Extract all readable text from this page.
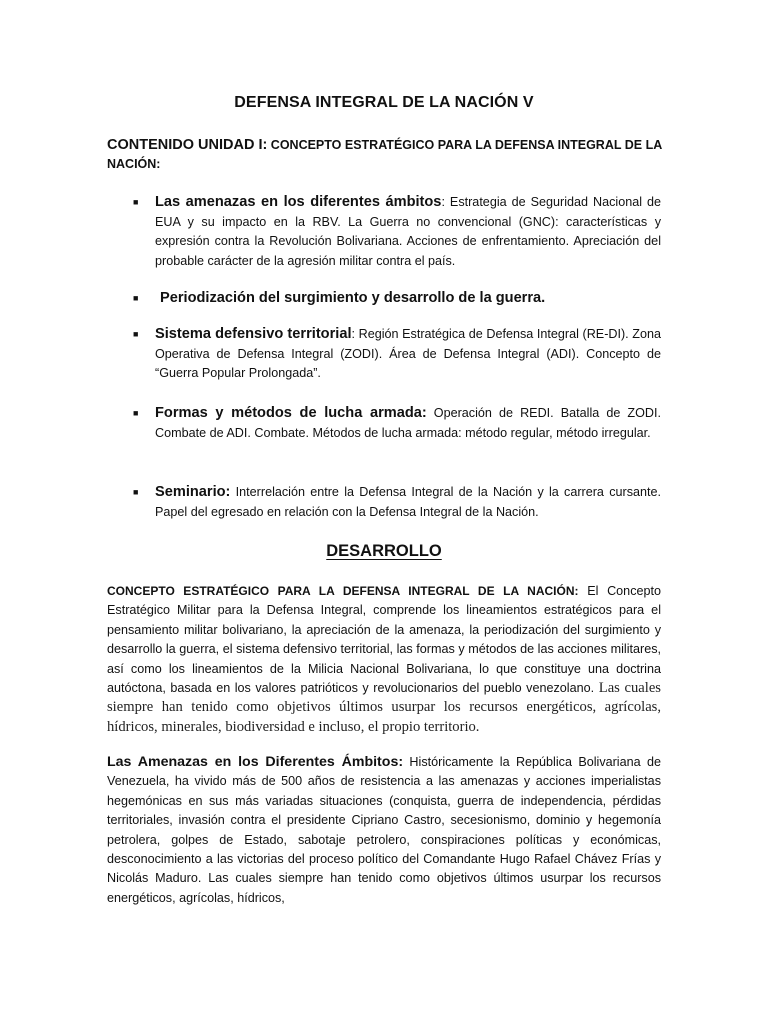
DEFENSA INTEGRAL DE LA NACIÓN V
CONTENIDO UNIDAD I: CONCEPTO ESTRATÉGICO PARA LA DEFENSA INTEGRAL DE LA NACIÓN:
■ Las amenazas en los diferentes ámbitos: Estrategia de Seguridad Nacional de EUA y su impacto en la RBV. La Guerra no convencional (GNC): características y expresión contra la Revolución Bolivariana. Acciones de enfrentamiento. Apreciación del probable carácter de la agresión militar contra el país.
■ Periodización del surgimiento y desarrollo de la guerra.
■ Sistema defensivo territorial: Región Estratégica de Defensa Integral (RE-DI). Zona Operativa de Defensa Integral (ZODI). Área de Defensa Integral (ADI). Concepto de “Guerra Popular Prolongada”.
■ Formas y métodos de lucha armada: Operación de REDI. Batalla de ZODI. Combate de ADI. Combate. Métodos de lucha armada: método regular, método irregular.
■ Seminario: Interrelación entre la Defensa Integral de la Nación y la carrera cursante. Papel del egresado en relación con la Defensa Integral de la Nación.
DESARROLLO
CONCEPTO ESTRATÉGICO PARA LA DEFENSA INTEGRAL DE LA NACIÓN: El Concepto Estratégico Militar para la Defensa Integral, comprende los lineamientos estratégicos para el pensamiento militar bolivariano, la apreciación de la amenaza, la periodización del surgimiento y desarrollo la guerra, el sistema defensivo territorial, las formas y métodos de las acciones militares, así como los lineamientos de la Milicia Nacional Bolivariana, lo que constituye una doctrina autóctona, basada en los valores patrióticos y revolucionarios del pueblo venezolano. Las cuales siempre han tenido como objetivos últimos usurpar los recursos energéticos, agrícolas, hídricos, minerales, biodiversidad e incluso, el propio territorio.
Las Amenazas en los Diferentes Ámbitos: Históricamente la República Bolivariana de Venezuela, ha vivido más de 500 años de resistencia a las amenazas y acciones imperialistas hegemónicas en sus más variadas situaciones (conquista, guerra de independencia, pérdidas territoriales, invasión contra el presidente Cipriano Castro, secesionismo, dominio y hegemonía petrolera, golpes de Estado, sabotaje petrolero, conspiraciones políticas y económicas, desconocimiento a las victorias del proceso político del Comandante Hugo Rafael Chávez Frías y Nicolás Maduro. Las cuales siempre han tenido como objetivos últimos usurpar los recursos energéticos, agrícolas, hídricos,
